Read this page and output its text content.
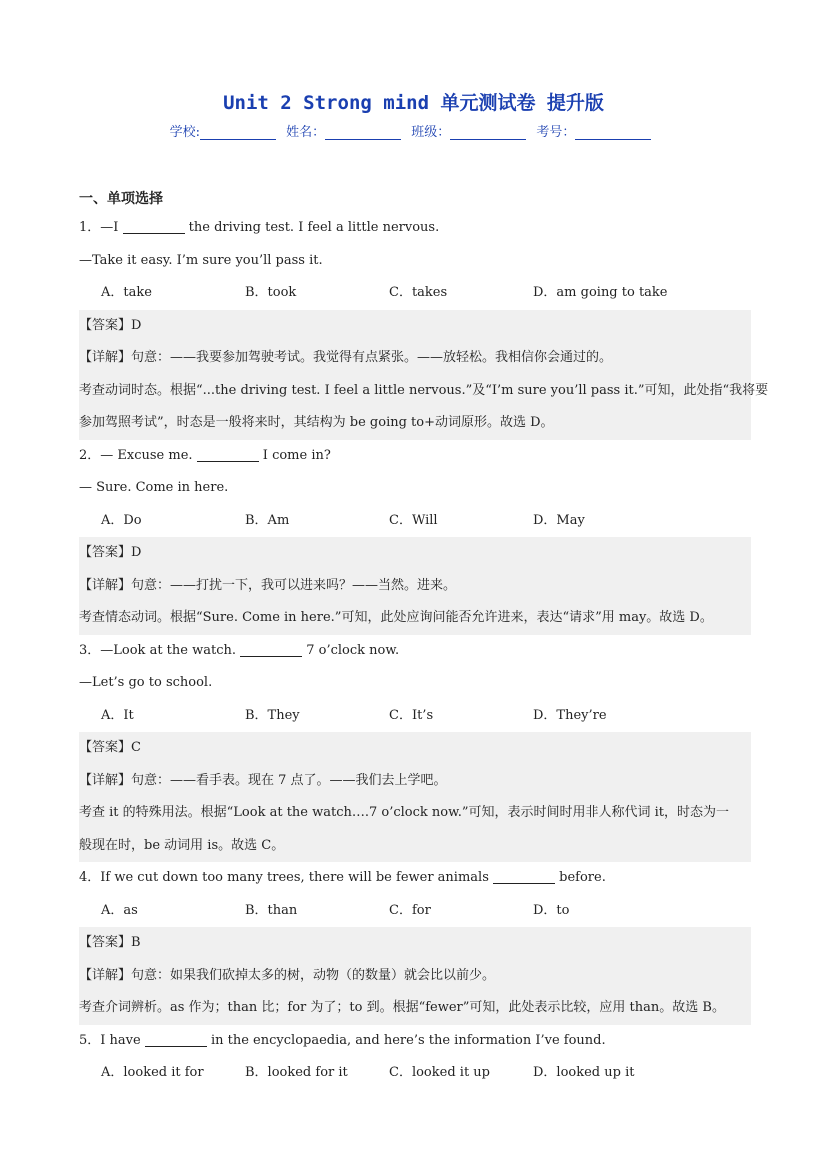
Unit 2 Strong mind 单元测试卷 提升版
学校:	姓名：	班级：	考号：
一、单项选择
1．—I	the driving test. I feel a little nervous.
—Take it easy. I’m sure you’ll pass it.
A．take	B．took	C．takes	D．am going to take
【答案】D
【详解】句意：——我要参加驾驶考试。我觉得有点紧张。——放轻松。我相信你会通过的。
考查动词时态。根据“...the driving test. I feel a little nervous.”及“I’m sure you’ll pass it.”可知，此处指“我将要
参加驾照考试”，时态是一般将来时，其结构为 be going to+动词原形。故选 D。
2．— Excuse me.	I come in?
— Sure. Come in here.
A．Do	B．Am	C．Will	D．May
【答案】D
【详解】句意：——打扰一下，我可以进来吗？——当然。进来。
考查情态动词。根据“Sure. Come in here.”可知，此处应询问能否允许进来，表达“请求”用 may。故选 D。
3．—Look at the watch.	7 o’clock now.
—Let’s go to school.
A．It	B．They	C．It’s	D．They’re
【答案】C
【详解】句意：——看手表。现在 7 点了。——我们去上学吧。
考查 it 的特殊用法。根据“Look at the watch….7 o’clock now.”可知，表示时间时用非人称代词 it，时态为一
般现在时，be 动词用 is。故选 C。
4．If we cut down too many trees, there will be fewer animals	before.
A．as	B．than	C．for	D．to
【答案】B
【详解】句意：如果我们砍掉太多的树，动物（的数量）就会比以前少。
考查介词辨析。as 作为；than 比；for 为了；to 到。根据“fewer”可知，此处表示比较，应用 than。故选 B。
5．I have	in the encyclopaedia, and here’s the information I’ve found.
A．looked it for	B．looked for it	C．looked it up	D．looked up it
